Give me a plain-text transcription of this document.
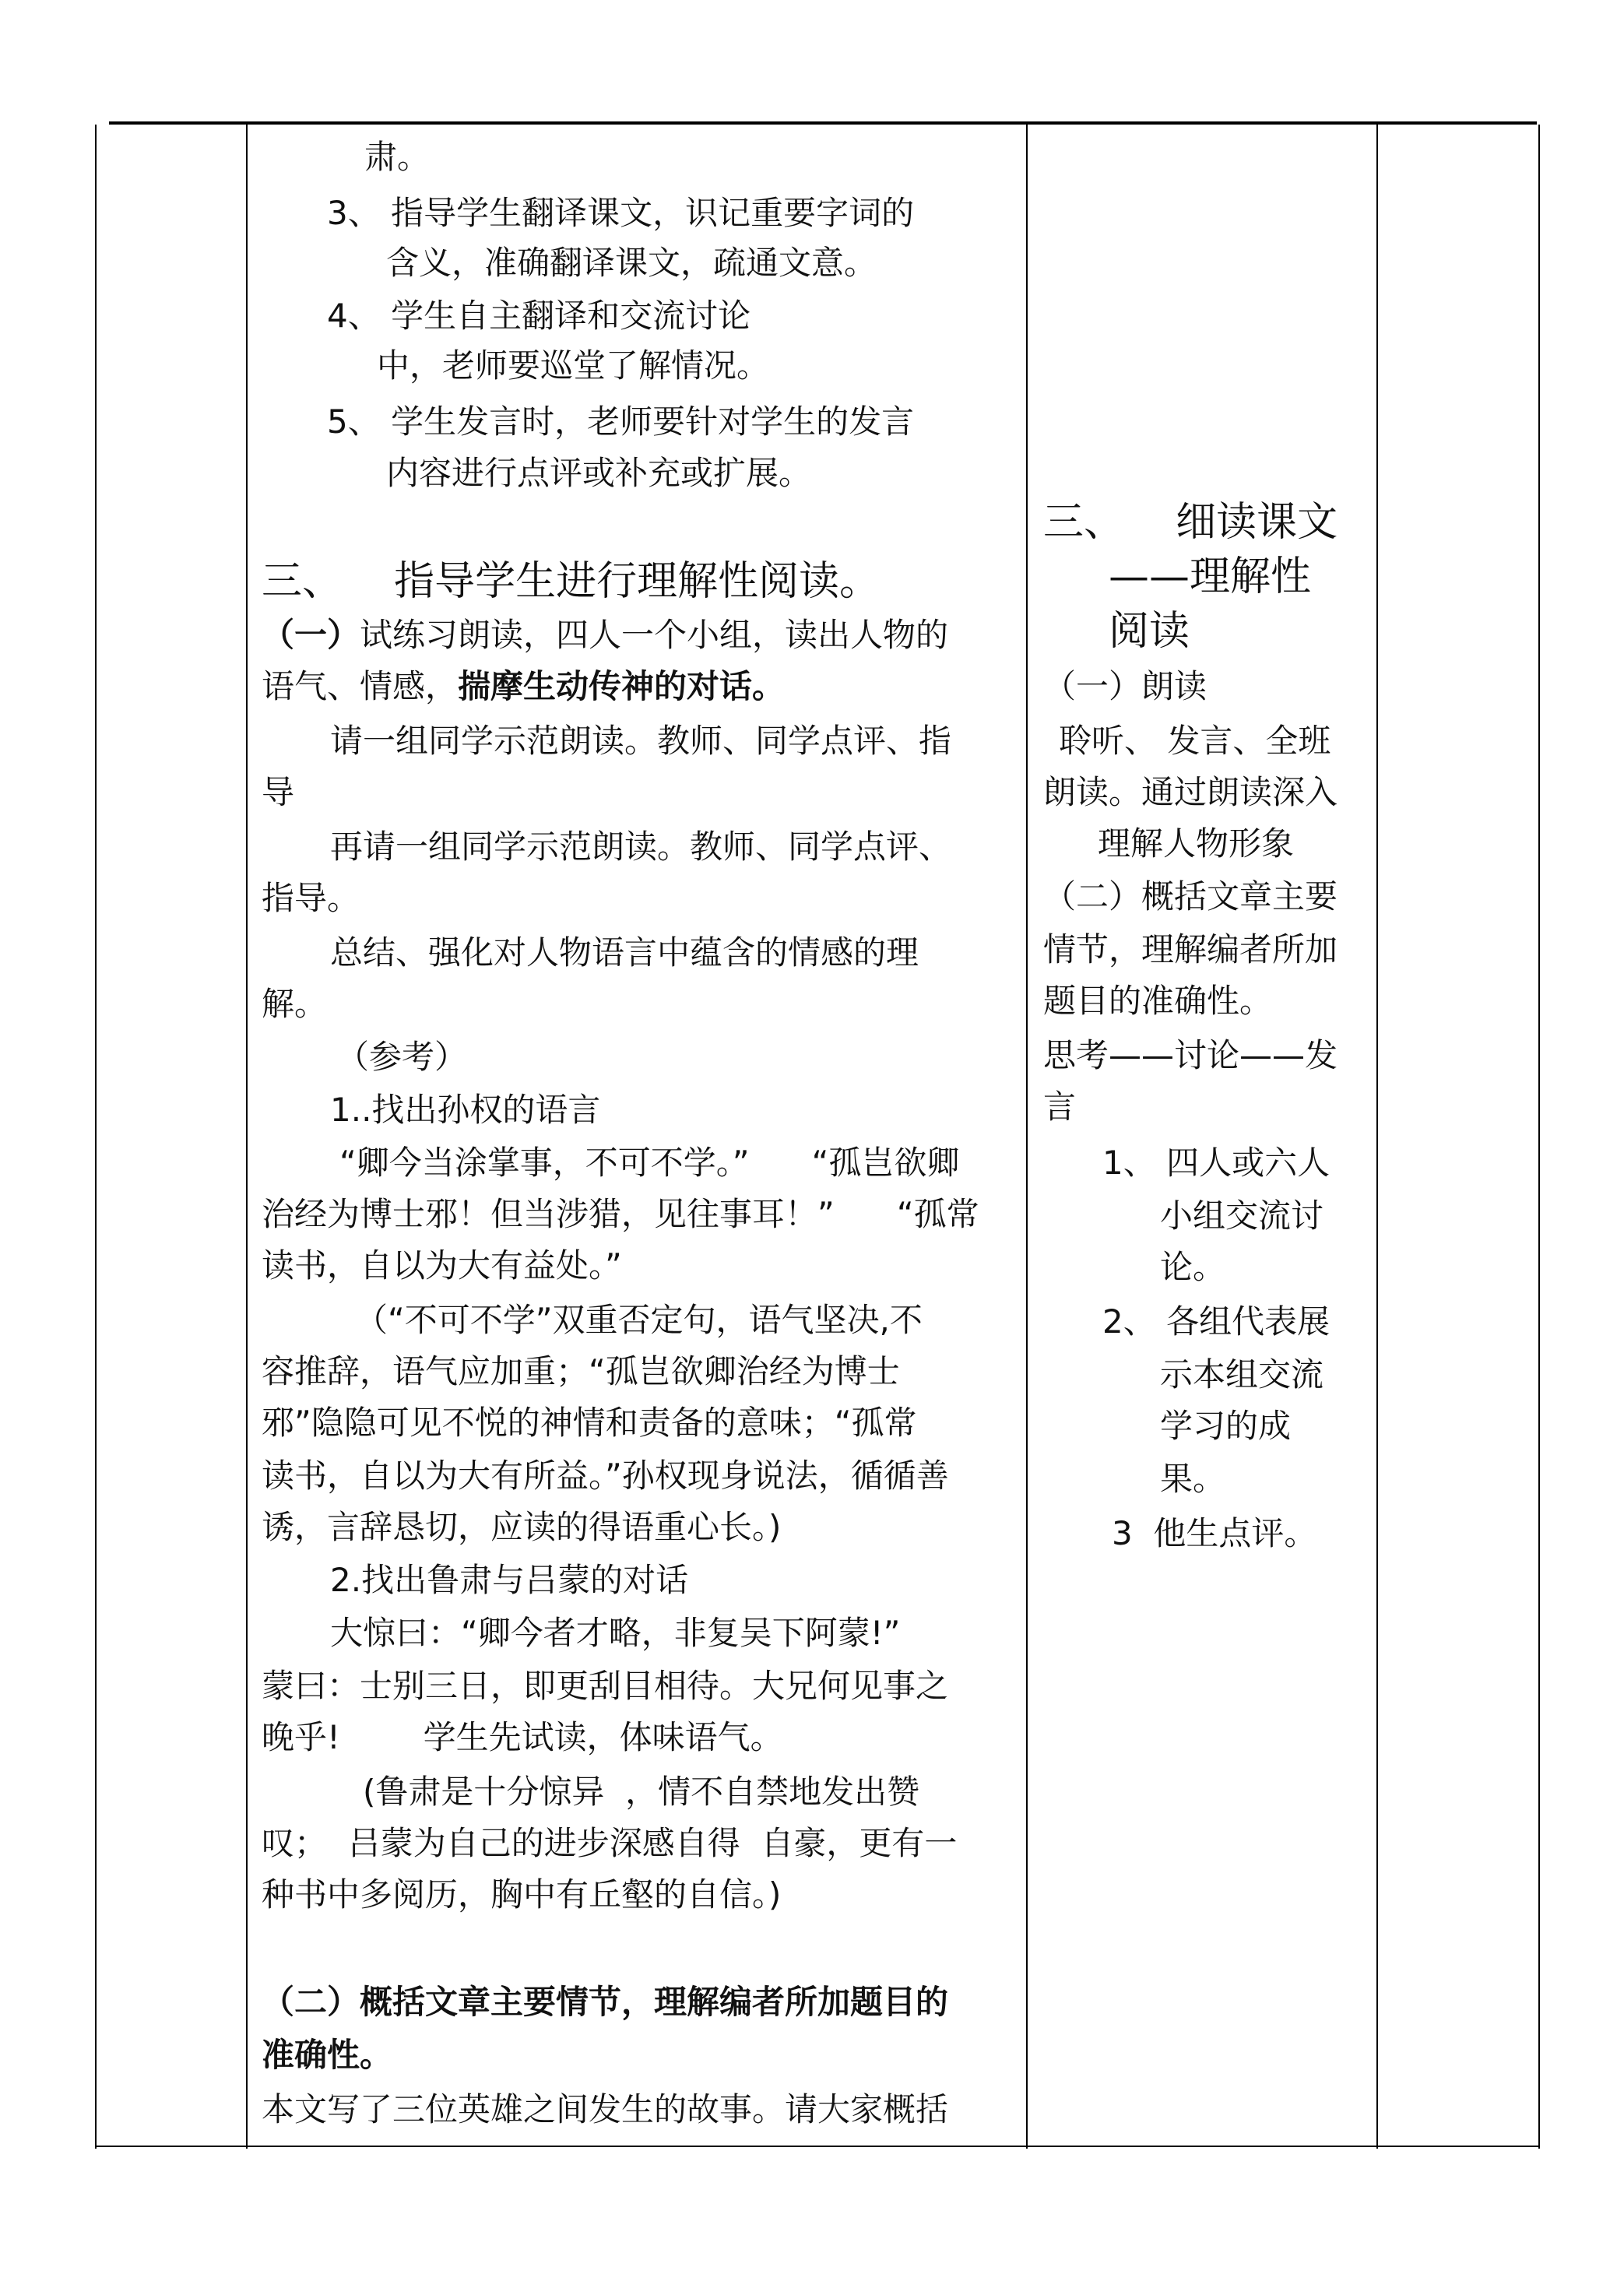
肃。
3、 指导学生翻译课文，识记重要字词的
含义，准确翻译课文，疏通文意。
4、 学生自主翻译和交流讨论
中，老师要巡堂了解情况。
5、 学生发言时，老师要针对学生的发言
内容进行点评或补充或扩展。
三、    指导学生进行理解性阅读。
（一）试练习朗读，四人一个小组，读出人物的
语气、情感，揣摩生动传神的对话。
请一组同学示范朗读。教师、同学点评、指
导
再请一组同学示范朗读。教师、同学点评、
指导。
总结、强化对人物语言中蕴含的情感的理
解。
（参考）
1..找出孙权的语言
“卿今当涂掌事，不可不学。”      “孤岂欲卿
治经为博士邪！但当涉猎，见往事耳！”      “孤常
读书，自以为大有益处。”
（“不可不学”双重否定句，语气坚决,不
容推辞，语气应加重；“孤岂欲卿治经为博士
邪”隐隐可见不悦的神情和责备的意味；“孤常
读书，自以为大有所益。”孙权现身说法，循循善
诱，言辞恳切，应读的得语重心长。)
2.找出鲁肃与吕蒙的对话
大惊曰：“卿今者才略，非复吴下阿蒙!”
蒙曰：士别三日，即更刮目相待。大兄何见事之
晚乎!        学生先试读，体味语气。
(鲁肃是十分惊异  ，情不自禁地发出赞
叹；  吕蒙为自己的进步深感自得  自豪，更有一
种书中多阅历，胸中有丘壑的自信。)
（二）概括文章主要情节，理解编者所加题目的
准确性。
本文写了三位英雄之间发生的故事。请大家概括
三、    细读课文
——理解性
阅读
（一）朗读
聆听、 发言、全班
朗读。通过朗读深入
理解人物形象
（二）概括文章主要
情节，理解编者所加
题目的准确性。
思考——讨论——发
言
1、 四人或六人
小组交流讨
论。
2、 各组代表展
示本组交流
学习的成
果。
3  他生点评。
